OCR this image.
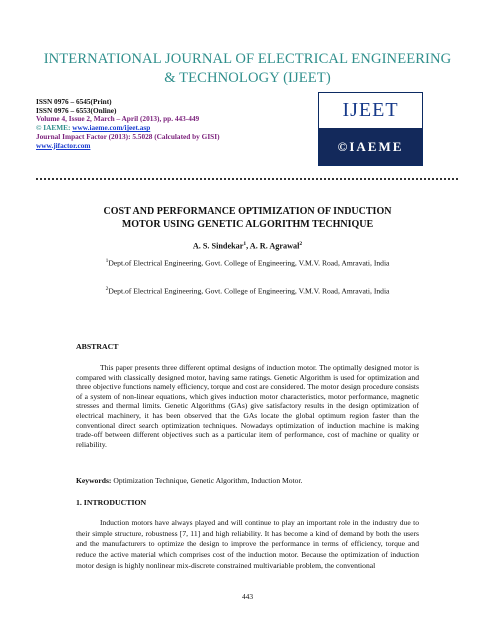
INTERNATIONAL JOURNAL OF ELECTRICAL ENGINEERING
& TECHNOLOGY (IJEET)
ISSN 0976 – 6545(Print)
ISSN 0976 – 6553(Online)
Volume 4, Issue 2, March – April (2013), pp. 443-449
© IAEME: www.iaeme.com/ijeet.asp
Journal Impact Factor (2013): 5.5028 (Calculated by GISI)
www.jifactor.com
IJEET
©IAEME
COST AND PERFORMANCE OPTIMIZATION OF INDUCTION
MOTOR USING GENETIC ALGORITHM TECHNIQUE
A. S. Sindekar$^1$, A. R. Agrawal$^2$
$^1$Dept.of Electrical Engineering, Govt. College of Engineering, V.M.V. Road, Amravati, India
$^2$Dept.of Electrical Engineering, Govt. College of Engineering, V.M.V. Road, Amravati, India
ABSTRACT
This paper presents three different optimal designs of induction motor. The optimally designed motor is compared with classically designed motor, having same ratings. Genetic Algorithm is used for optimization and three objective functions namely efficiency, torque and cost are considered. The motor design procedure consists of a system of non-linear equations, which gives induction motor characteristics, motor performance, magnetic stresses and thermal limits. Genetic Algorithms (GAs) give satisfactory results in the design optimization of electrical machinery, it has been observed that the GAs locate the global optimum region faster than the conventional direct search optimization techniques. Nowadays optimization of induction machine is making trade-off between different objectives such as a particular item of performance, cost of machine or quality or reliability.
Keywords: Optimization Technique, Genetic Algorithm, Induction Motor.
1. INTRODUCTION
Induction motors have always played and will continue to play an important role in the industry due to their simple structure, robustness [7, 11] and high reliability. It has become a kind of demand by both the users and the manufacturers to optimize the design to improve the performance in terms of efficiency, torque and reduce the active material which comprises cost of the induction motor. Because the optimization of induction motor design is highly nonlinear mix-discrete constrained multivariable problem, the conventional
443
